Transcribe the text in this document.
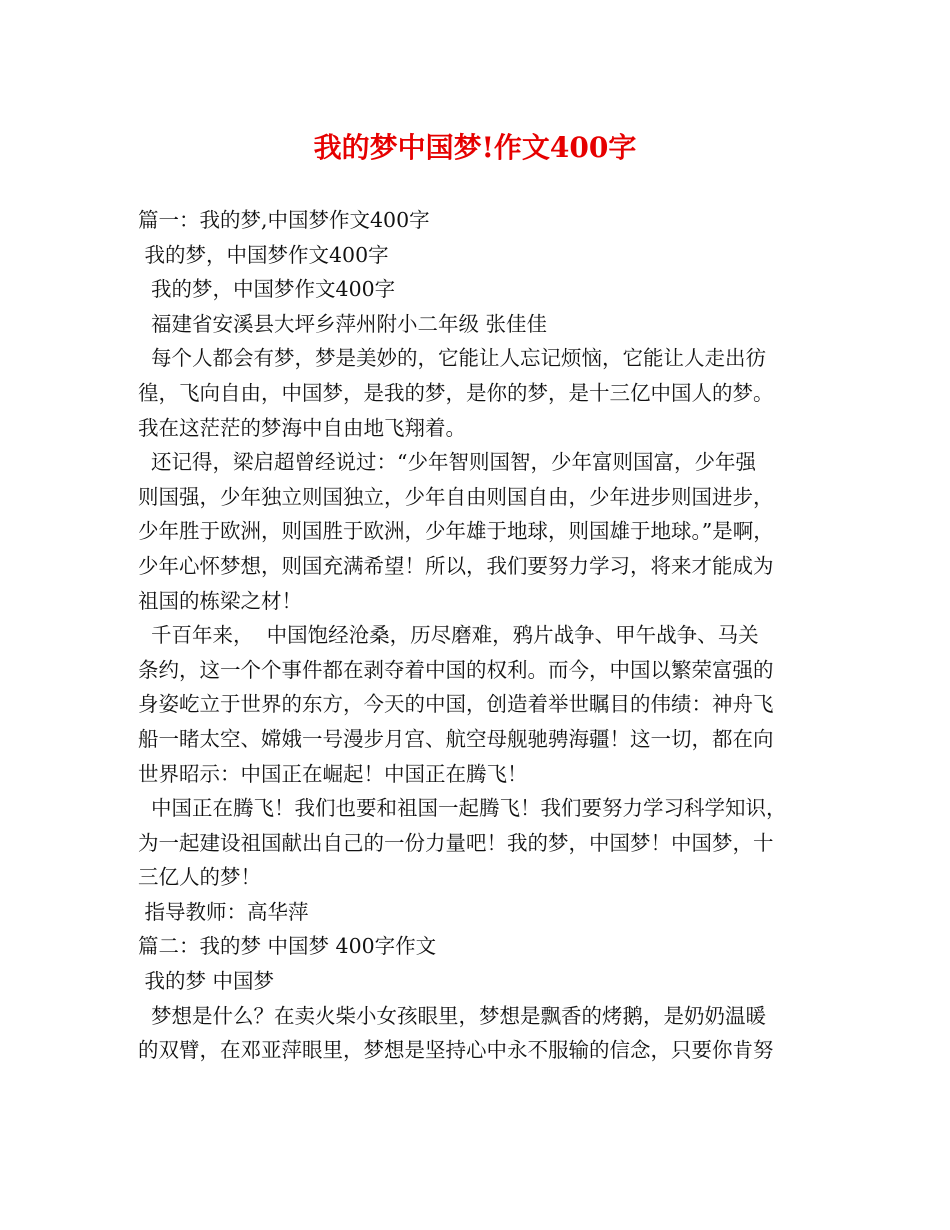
我的梦中国梦!作文400字
篇一：我的梦,中国梦作文400字
我的梦，中国梦作文400字
我的梦，中国梦作文400字
福建省安溪县大坪乡萍州附小二年级 张佳佳
每个人都会有梦，梦是美妙的，它能让人忘记烦恼，它能让人走出彷
徨，飞向自由，中国梦，是我的梦，是你的梦，是十三亿中国人的梦。
我在这茫茫的梦海中自由地飞翔着。
还记得，梁启超曾经说过：“少年智则国智，少年富则国富，少年强
则国强，少年独立则国独立，少年自由则国自由，少年进步则国进步，
少年胜于欧洲，则国胜于欧洲，少年雄于地球，则国雄于地球。”是啊，
少年心怀梦想，则国充满希望！所以，我们要努力学习，将来才能成为
祖国的栋梁之材！
千百年来，  中国饱经沧桑，历尽磨难，鸦片战争、甲午战争、马关
条约，这一个个事件都在剥夺着中国的权利。而今，中国以繁荣富强的
身姿屹立于世界的东方，今天的中国，创造着举世瞩目的伟绩：神舟飞
船一睹太空、嫦娥一号漫步月宫、航空母舰驰骋海疆！这一切，都在向
世界昭示：中国正在崛起！中国正在腾飞！
中国正在腾飞！我们也要和祖国一起腾飞！我们要努力学习科学知识，
为一起建设祖国献出自己的一份力量吧！我的梦，中国梦！中国梦，十
三亿人的梦！
指导教师：高华萍
篇二：我的梦 中国梦 400字作文
我的梦 中国梦
梦想是什么？在卖火柴小女孩眼里，梦想是飘香的烤鹅，是奶奶温暖
的双臂，在邓亚萍眼里，梦想是坚持心中永不服输的信念，只要你肯努
